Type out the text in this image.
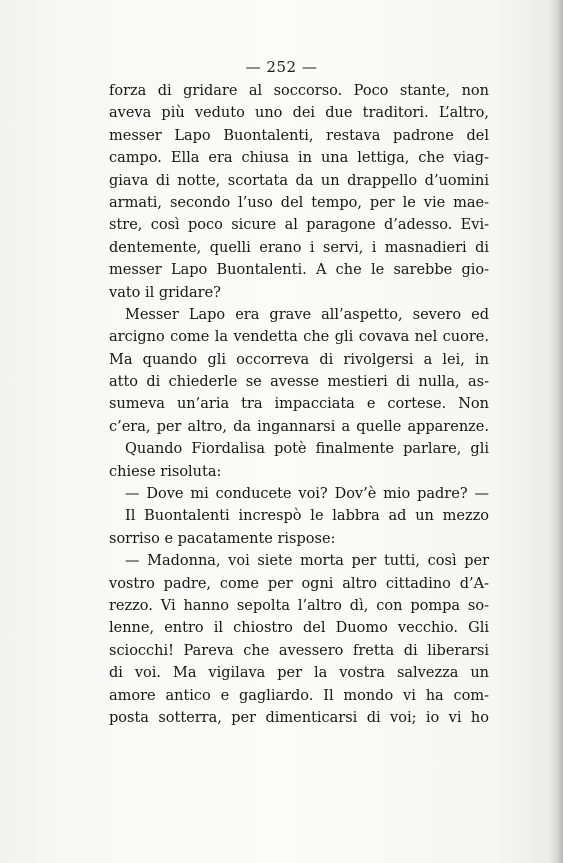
— 252 —
forza di gridare al soccorso. Poco stante, non
aveva più veduto uno dei due traditori. L’altro,
messer Lapo Buontalenti, restava padrone del
campo. Ella era chiusa in una lettiga, che viag-
giava di notte, scortata da un drappello d’uomini
armati, secondo l’uso del tempo, per le vie mae-
stre, così poco sicure al paragone d’adesso. Evi-
dentemente, quelli erano i servi, i masnadieri di
messer Lapo Buontalenti. A che le sarebbe gio-
vato il gridare?
Messer Lapo era grave all’aspetto, severo ed
arcigno come la vendetta che gli covava nel cuore.
Ma quando gli occorreva di rivolgersi a lei, in
atto di chiederle se avesse mestieri di nulla, as-
sumeva un’aria tra impacciata e cortese. Non
c’era, per altro, da ingannarsi a quelle apparenze.
Quando Fiordalisa potè finalmente parlare, gli
chiese risoluta:
— Dove mi conducete voi? Dov’è mio padre? —
Il Buontalenti increspò le labbra ad un mezzo
sorriso e pacatamente rispose:
— Madonna, voi siete morta per tutti, così per
vostro padre, come per ogni altro cittadino d’A-
rezzo. Vi hanno sepolta l’altro dì, con pompa so-
lenne, entro il chiostro del Duomo vecchio. Gli
sciocchi! Pareva che avessero fretta di liberarsi
di voi. Ma vigilava per la vostra salvezza un
amore antico e gagliardo. Il mondo vi ha com-
posta sotterra, per dimenticarsi di voi; io vi ho
